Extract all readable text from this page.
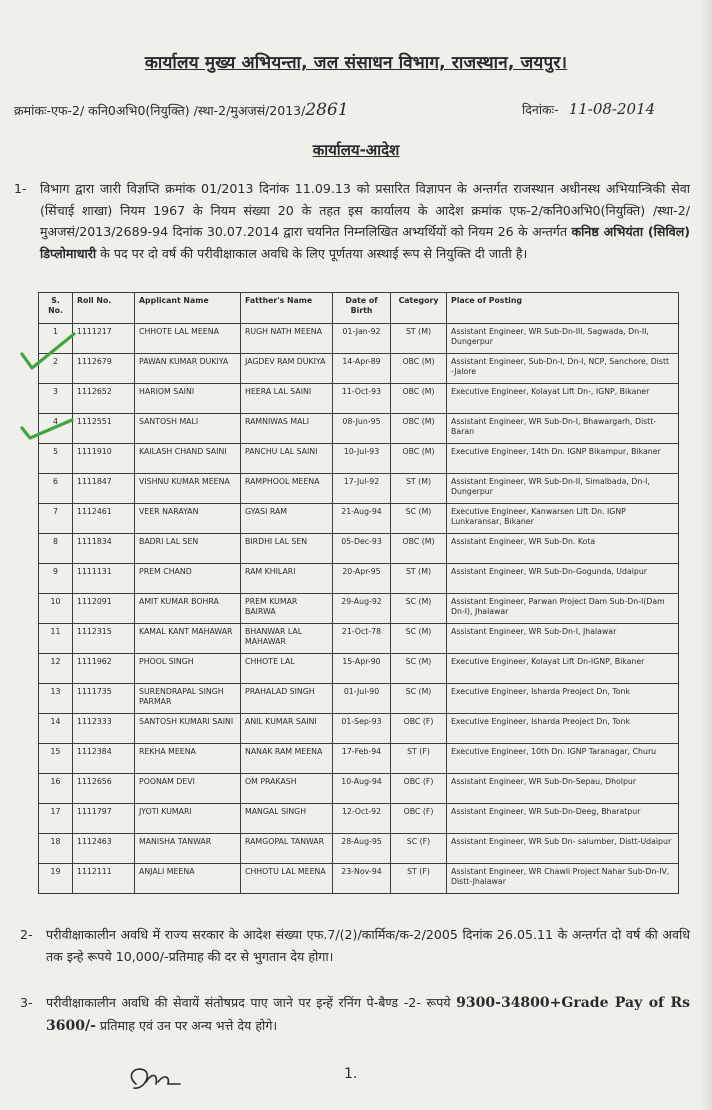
कार्यालय मुख्य अभियन्ता, जल संसाधन विभाग, राजस्थान, जयपुर।
क्रमांकः-एफ-2/ कनि0अभि0(नियुक्ति) /स्था-2/मुअजसं/2013/2861	दिनांकः- 11-08-2014
कार्यालय-आदेश
1- विभाग द्वारा जारी विज्ञप्ति क्रमांक 01/2013 दिनांक 11.09.13 को प्रसारित विज्ञापन के अन्तर्गत राजस्थान अधीनस्थ अभियान्त्रिकी सेवा (सिंचाई शाखा) नियम 1967 के नियम संख्या 20 के तहत इस कार्यालय के आदेश क्रमांक एफ-2/कनि0अभि0(नियुक्ति) /स्था-2/मुअजसं/2013/2689-94 दिनांक 30.07.2014 द्वारा चयनित निम्नलिखित अभ्यर्थियों को नियम 26 के अन्तर्गत कनिष्ठ अभियंता (सिविल) डिप्लोमाधारी के पद पर दो वर्ष की परीवीक्षाकाल अवधि के लिए पूर्णतया अस्थाई रूप से नियुक्ति दी जाती है।
S. No.	Roll No.	Applicant Name	Fatther's Name	Date of Birth	Category	Place of Posting
1	1111217	CHHOTE LAL MEENA	RUGH NATH MEENA	01-Jan-92	ST (M)	Assistant Engineer, WR Sub-Dn-III, Sagwada, Dn-II, Dungerpur
2	1112679	PAWAN KUMAR DUKIYA	JAGDEV RAM DUKIYA	14-Apr-89	OBC (M)	Assistant Engineer, Sub-Dn-I, Dn-I, NCP, Sanchore, Distt -Jalore
3	1112652	HARIOM SAINI	HEERA LAL SAINI	11-Oct-93	OBC (M)	Executive Engineer, Kolayat Lift Dn-, IGNP, Bikaner
4	1112551	SANTOSH MALI	RAMNIWAS MALI	08-Jun-95	OBC (M)	Assistant Engineer, WR Sub-Dn-I, Bhawargarh, Distt-Baran
5	1111910	KAILASH CHAND SAINI	PANCHU LAL SAINI	10-Jul-93	OBC (M)	Executive Engineer, 14th Dn. IGNP Bikampur, Bikaner
6	1111847	VISHNU KUMAR MEENA	RAMPHOOL MEENA	17-Jul-92	ST (M)	Assistant Engineer, WR Sub-Dn-II, Simalbada, Dn-I, Dungerpur
7	1112461	VEER NARAYAN	GYASI RAM	21-Aug-94	SC (M)	Executive Engineer, Kanwarsen Lift Dn. IGNP Lunkaransar, Bikaner
8	1111834	BADRI LAL SEN	BIRDHI LAL SEN	05-Dec-93	OBC (M)	Assistant Engineer, WR Sub-Dn. Kota
9	1111131	PREM CHAND	RAM KHILARI	20-Apr-95	ST (M)	Assistant Engineer, WR Sub-Dn-Gogunda, Udaipur
10	1112091	AMIT KUMAR BOHRA	PREM KUMAR BAIRWA	29-Aug-92	SC (M)	Assistant Engineer, Parwan Project Dam Sub-Dn-I(Dam Dn-I), Jhalawar
11	1112315	KAMAL KANT MAHAWAR	BHANWAR LAL MAHAWAR	21-Oct-78	SC (M)	Assistant Engineer, WR Sub-Dn-I, Jhalawar
12	1111962	PHOOL SINGH	CHHOTE LAL	15-Apr-90	SC (M)	Executive Engineer, Kolayat Lift Dn-IGNP, Bikaner
13	1111735	SURENDRAPAL SINGH PARMAR	PRAHALAD SINGH	01-Jul-90	SC (M)	Executive Engineer, Isharda Preoject Dn, Tonk
14	1112333	SANTOSH KUMARI SAINI	ANIL KUMAR SAINI	01-Sep-93	OBC (F)	Executive Engineer, Isharda Preoject Dn, Tonk
15	1112384	REKHA MEENA	NANAK RAM MEENA	17-Feb-94	ST (F)	Executive Engineer, 10th Dn. IGNP Taranagar, Churu
16	1112656	POONAM DEVI	OM PRAKASH	10-Aug-94	OBC (F)	Assistant Engineer, WR Sub-Dn-Sepau, Dholpur
17	1111797	JYOTI KUMARI	MANGAL SINGH	12-Oct-92	OBC (F)	Assistant Engineer, WR Sub-Dn-Deeg, Bharatpur
18	1112463	MANISHA TANWAR	RAMGOPAL TANWAR	28-Aug-95	SC (F)	Assistant Engineer, WR Sub Dn- salumber, Distt-Udaipur
19	1112111	ANJALI MEENA	CHHOTU LAL MEENA	23-Nov-94	ST (F)	Assistant Engineer, WR Chawli Project Nahar Sub-Dn-IV, Distt-Jhalawar
2- परीवीक्षाकालीन अवधि में राज्य सरकार के आदेश संख्या एफ.7/(2)/कार्मिक/क-2/2005 दिनांक 26.05.11 के अन्तर्गत दो वर्ष की अवधि तक इन्हे रूपये 10,000/-प्रतिमाह की दर से भुगतान देय होगा।
3- परीवीक्षाकालीन अवधि की सेवायें संतोषप्रद पाए जाने पर इन्हें रनिंग पे-बैण्ड -2- रूपये 9300-34800+Grade Pay of Rs 3600/- प्रतिमाह एवं उन पर अन्य भत्ते देय होगे।
1.
